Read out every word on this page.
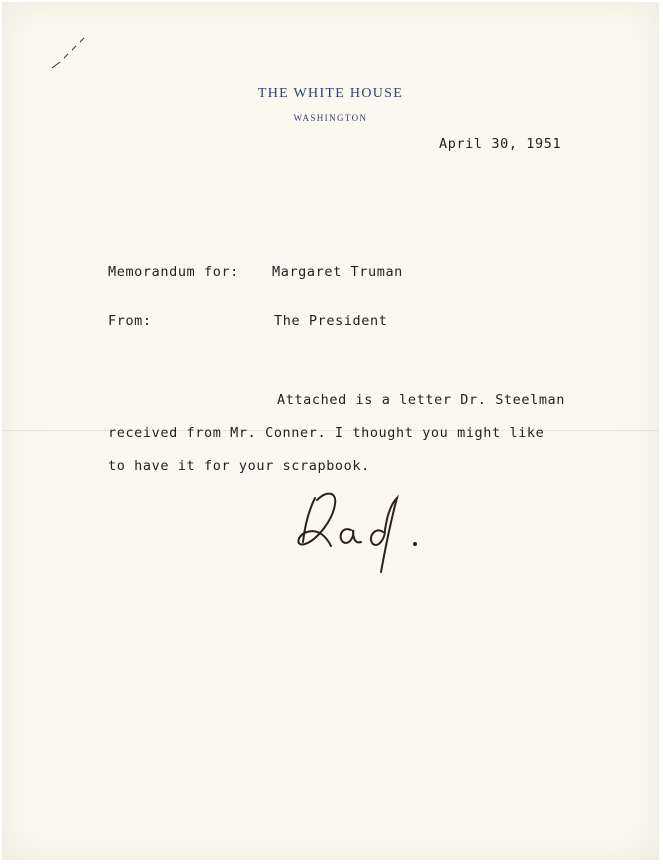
THE WHITE HOUSE
WASHINGTON
April 30, 1951
Memorandum for: Margaret Truman
From:	The President
Attached is a letter Dr. Steelman
received from Mr. Conner. I thought you might like
to have it for your scrapbook.
